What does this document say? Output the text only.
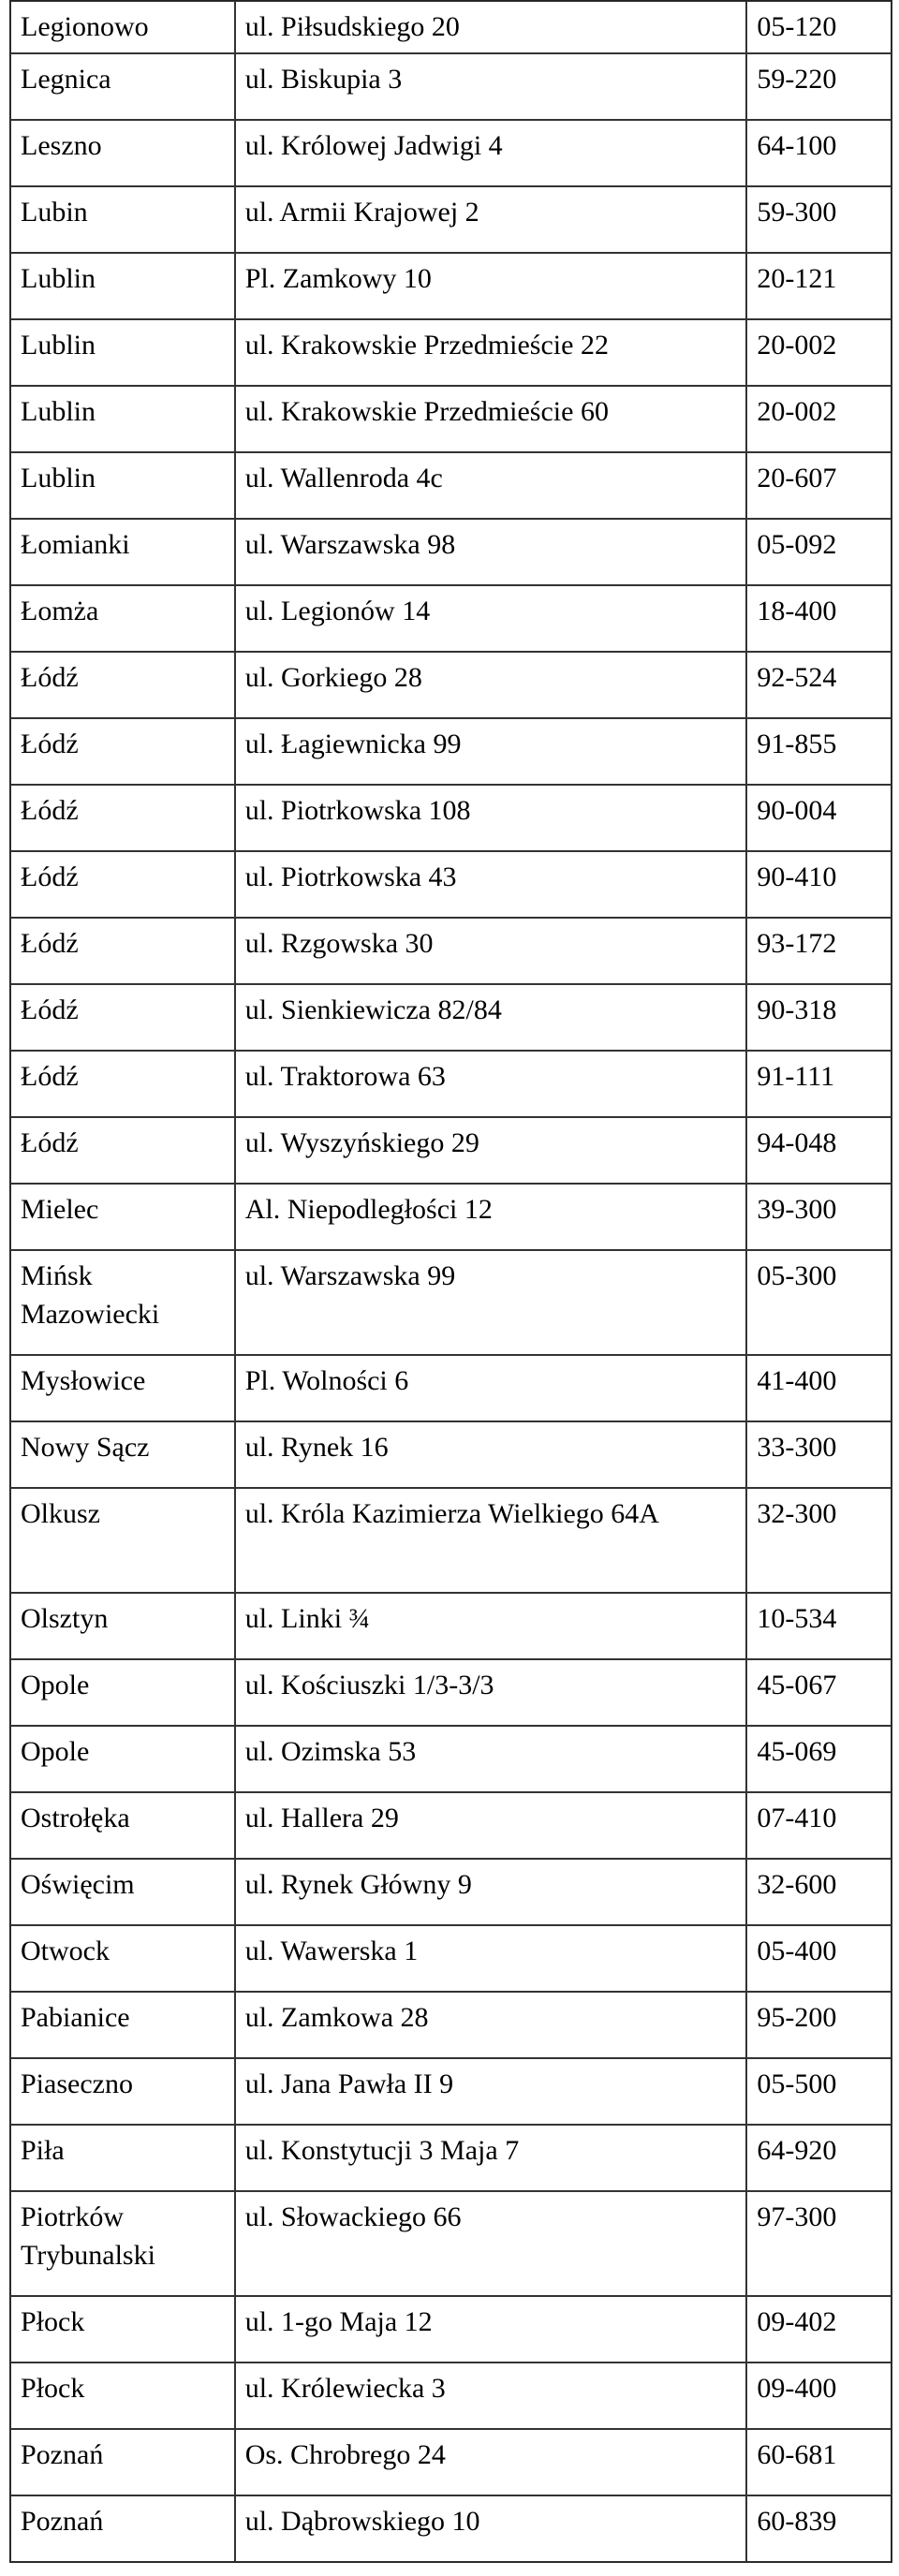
Legionowo	ul. Piłsudskiego 20	05-120
Legnica	ul. Biskupia 3	59-220
Leszno	ul. Królowej Jadwigi 4	64-100
Lubin	ul. Armii Krajowej 2	59-300
Lublin	Pl. Zamkowy 10	20-121
Lublin	ul. Krakowskie Przedmieście 22	20-002
Lublin	ul. Krakowskie Przedmieście 60	20-002
Lublin	ul. Wallenroda 4c	20-607
Łomianki	ul. Warszawska 98	05-092
Łomża	ul. Legionów 14	18-400
Łódź	ul. Gorkiego 28	92-524
Łódź	ul. Łagiewnicka 99	91-855
Łódź	ul. Piotrkowska 108	90-004
Łódź	ul. Piotrkowska 43	90-410
Łódź	ul. Rzgowska 30	93-172
Łódź	ul. Sienkiewicza 82/84	90-318
Łódź	ul. Traktorowa 63	91-111
Łódź	ul. Wyszyńskiego 29	94-048
Mielec	Al. Niepodległości 12	39-300
Mińsk Mazowiecki	ul. Warszawska 99	05-300
Mysłowice	Pl. Wolności 6	41-400
Nowy Sącz	ul. Rynek 16	33-300
Olkusz	ul. Króla Kazimierza Wielkiego 64A	32-300
Olsztyn	ul. Linki ¾	10-534
Opole	ul. Kościuszki 1/3-3/3	45-067
Opole	ul. Ozimska 53	45-069
Ostrołęka	ul. Hallera 29	07-410
Oświęcim	ul. Rynek Główny 9	32-600
Otwock	ul. Wawerska 1	05-400
Pabianice	ul. Zamkowa 28	95-200
Piaseczno	ul. Jana Pawła II 9	05-500
Piła	ul. Konstytucji 3 Maja 7	64-920
Piotrków Trybunalski	ul. Słowackiego 66	97-300
Płock	ul. 1-go Maja 12	09-402
Płock	ul. Królewiecka 3	09-400
Poznań	Os. Chrobrego 24	60-681
Poznań	ul. Dąbrowskiego 10	60-839
